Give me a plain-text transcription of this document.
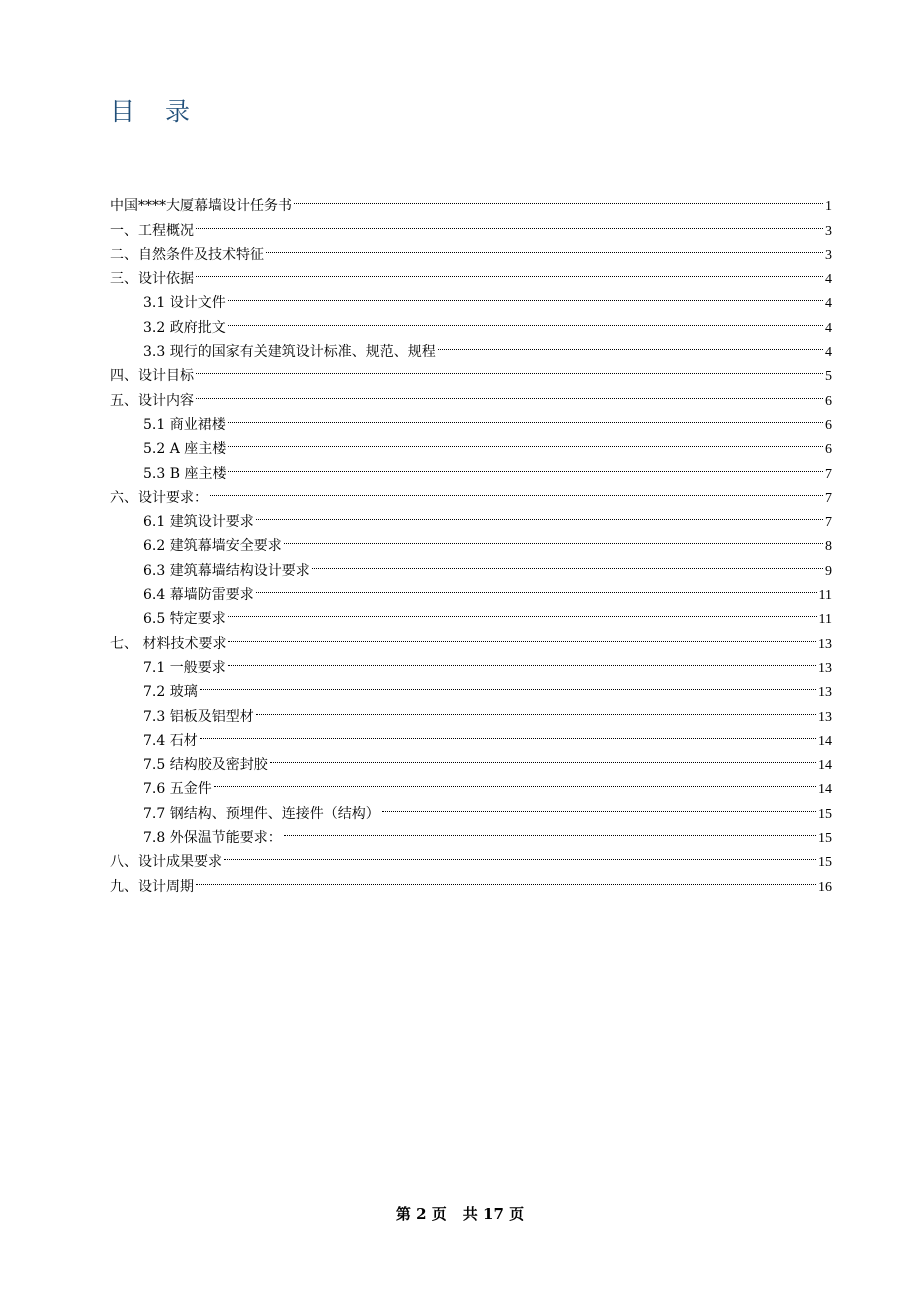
目 录
中国****大厦幕墙设计任务书	1
一、工程概况	3
二、自然条件及技术特征	3
三、设计依据	4
3.1 设计文件	4
3.2 政府批文	4
3.3 现行的国家有关建筑设计标准、规范、规程	4
四、设计目标	5
五、设计内容	6
5.1 商业裙楼	6
5.2 A 座主楼	6
5.3 B 座主楼	7
六、设计要求：	7
6.1 建筑设计要求	7
6.2 建筑幕墙安全要求	8
6.3 建筑幕墙结构设计要求	9
6.4 幕墙防雷要求	11
6.5 特定要求	11
七、 材料技术要求	13
7.1 一般要求	13
7.2 玻璃	13
7.3 铝板及铝型材	13
7.4 石材	14
7.5 结构胶及密封胶	14
7.6 五金件	14
7.7 钢结构、预埋件、连接件（结构）	15
7.8 外保温节能要求：	15
八、设计成果要求	15
九、设计周期	16
第 2 页 共 17 页
